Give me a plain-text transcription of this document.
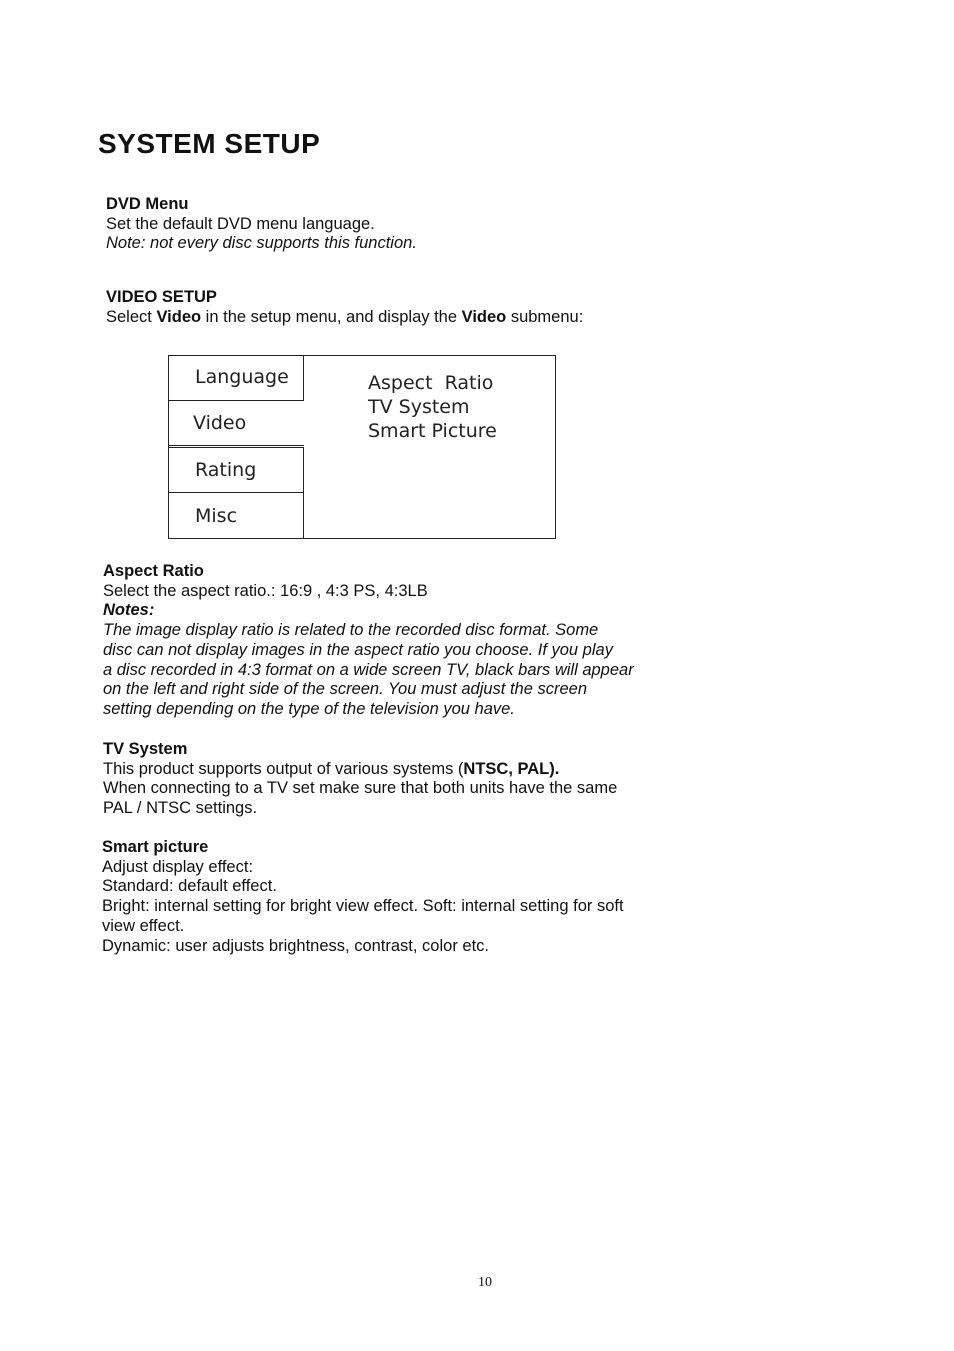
SYSTEM SETUP

DVD Menu

Set the default DVD menu language.

Note: not every disc supports this function.

VIDEO SETUP

Select Video in the setup menu, and display the Video submenu:

Language
Video
Rating
Misc
Aspect  Ratio
TV System
Smart Picture

Aspect Ratio

Select the aspect ratio.: 16:9 , 4:3 PS, 4:3LB

Notes:

The image display ratio is related to the recorded disc format. Some

disc can not display images in the aspect ratio you choose. If you play

a disc recorded in 4:3 format on a wide screen TV, black bars will appear

on the left and right side of the screen. You must adjust the screen

setting depending on the type of the television you have.

TV System

This product supports output of various systems (NTSC, PAL).

When connecting to a TV set make sure that both units have the same

PAL / NTSC settings.

Smart picture

Adjust display effect:

Standard: default effect.

Bright: internal setting for bright view effect. Soft: internal setting for soft

view effect.

Dynamic: user adjusts brightness, contrast, color etc.

10
